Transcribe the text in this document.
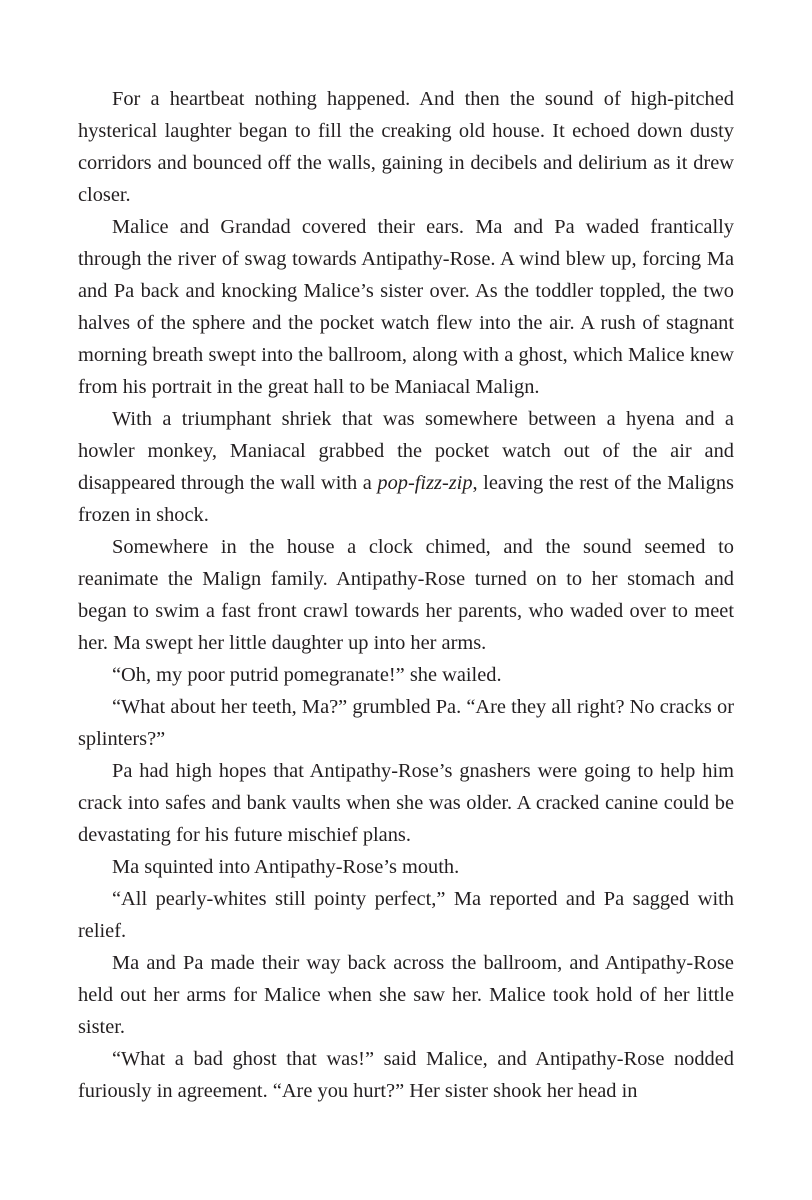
For a heartbeat nothing happened. And then the sound of high-pitched hysterical laughter began to fill the creaking old house. It echoed down dusty corridors and bounced off the walls, gaining in decibels and delirium as it drew closer.

Malice and Grandad covered their ears. Ma and Pa waded frantically through the river of swag towards Antipathy-Rose. A wind blew up, forcing Ma and Pa back and knocking Malice’s sister over. As the toddler toppled, the two halves of the sphere and the pocket watch flew into the air. A rush of stagnant morning breath swept into the ballroom, along with a ghost, which Malice knew from his portrait in the great hall to be Maniacal Malign.

With a triumphant shriek that was somewhere between a hyena and a howler monkey, Maniacal grabbed the pocket watch out of the air and disappeared through the wall with a pop-fizz-zip, leaving the rest of the Maligns frozen in shock.

Somewhere in the house a clock chimed, and the sound seemed to reanimate the Malign family. Antipathy-Rose turned on to her stomach and began to swim a fast front crawl towards her parents, who waded over to meet her. Ma swept her little daughter up into her arms.

“Oh, my poor putrid pomegranate!” she wailed.

“What about her teeth, Ma?” grumbled Pa. “Are they all right? No cracks or splinters?”

Pa had high hopes that Antipathy-Rose’s gnashers were going to help him crack into safes and bank vaults when she was older. A cracked canine could be devastating for his future mischief plans.

Ma squinted into Antipathy-Rose’s mouth.

“All pearly-whites still pointy perfect,” Ma reported and Pa sagged with relief.

Ma and Pa made their way back across the ballroom, and Antipathy-Rose held out her arms for Malice when she saw her. Malice took hold of her little sister.

“What a bad ghost that was!” said Malice, and Antipathy-Rose nodded furiously in agreement. “Are you hurt?” Her sister shook her head in
